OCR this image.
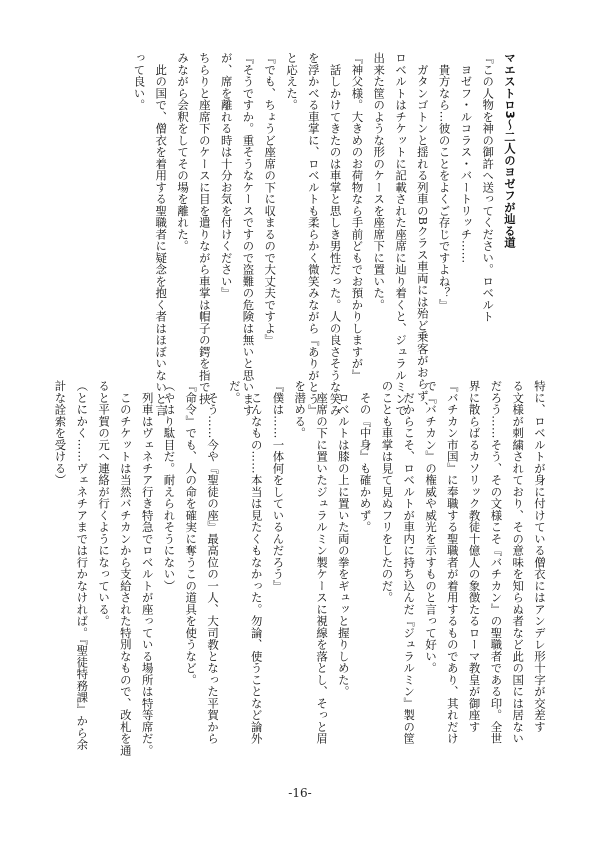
マエストロ3～二人のヨゼフが辿る道
『この人物を神の御許へ送ってください。ロベルト
　ヨゼフ・ルコラス・バートリッチ……
　貴方なら…彼のことをよくご存じですよね？』
　ガタンゴトンと揺れる列車のBクラス車両には殆ど乗客がおらず、
ロベルトはチケットに記載された座席に辿り着くと、ジュラルミンで
出来た筐のような形のケースを座席下に置いた。
『神父様。大きめのお荷物なら手前どもでお預かりしますが』
　話しかけてきたのは車掌と思しき男性だった。人の良さそうな笑み
を浮かべる車掌に、ロベルトも柔らかく微笑みながら『ありがとう』
と応えた。
『でも、ちょうど座席の下に収まるので大丈夫ですよ』
『そうですか。重そうなケースですので盗難の危険は無いと思います
が、席を離れる時は十分お気を付けください』
ちらりと座席下のケースに目を遣りながら車掌は帽子の鍔を指で挟
みながら会釈をしてその場を離れた。
　此の国で、僧衣を着用する聖職者に疑念を抱く者はほぼいないと言
って良い。
特に、ロベルトが身に付けている僧衣にはアンデレ形十字が交差す
る文様が刺繍されており、その意味を知らぬ者など此の国には居ない
だろう……そう、その文様こそ『バチカン』の聖職者である印。全世
界に散らばるカソリック教徒十億人の象徴たるローマ教皇が御座す
『バチカン市国』に奉職する聖職者が着用するものであり、其れだけ
で『バチカン』の権威や威光を示すものと言って好い。
　だからこそ、ロベルトが車内に持ち込んだ『ジュラルミン』製の筐
のことも車掌は見て見ぬフリをしたのだ。
　その『中身』も確かめず。
　ロベルトは膝の上に置いた両の拳をギュッと握りしめた。
　座席の下に置いたジュラルミン製ケースに視線を落とし、そっと眉
を潜める。
『僕は……一体何をしているんだろう』
　こんなもの……本当は見たくもなかった。勿論、使うことなど論外
だ。
　そう……今や『聖徒の座』最高位の一人、大司教となった平賀から
『命令』でも、人の命を確実に奪うこの道具を使うなど。
（やはり駄目だ。耐えられそうにない）
　列車はヴェネチア行き特急でロベルトが座っている場所は特等席だ。
　このチケットは当然バチカンから支給された特別なもので、改札を通
ると平賀の元へ連絡が行くようになっている。
（とにかく……ヴェネチアまでは行かなければ。『聖徒特務課』から余
計な詮索を受ける）
-16-
